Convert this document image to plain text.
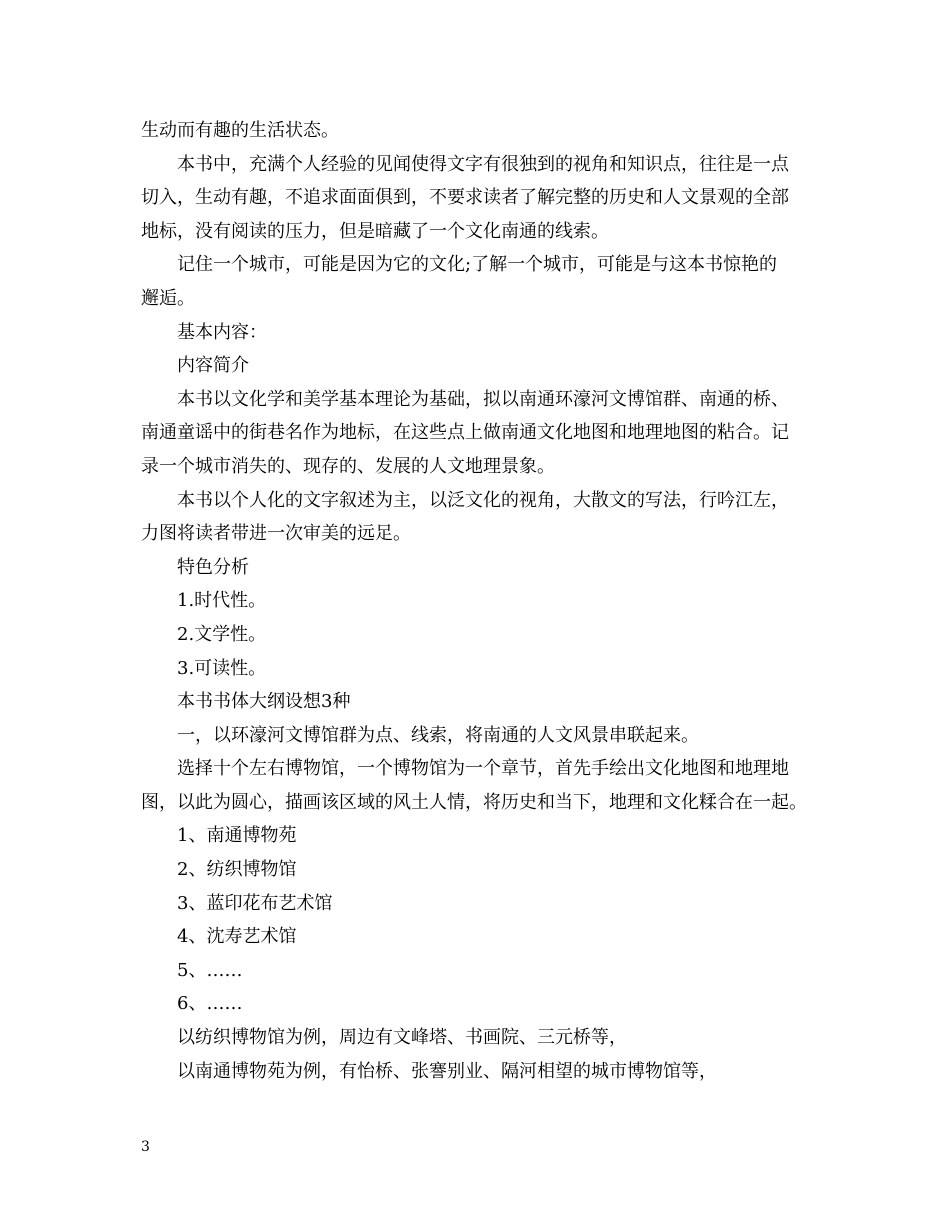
生动而有趣的生活状态。
本书中，充满个人经验的见闻使得文字有很独到的视角和知识点，往往是一点
切入，生动有趣，不追求面面俱到，不要求读者了解完整的历史和人文景观的全部
地标，没有阅读的压力，但是暗藏了一个文化南通的线索。
记住一个城市，可能是因为它的文化;了解一个城市，可能是与这本书惊艳的
邂逅。
基本内容：
内容简介
本书以文化学和美学基本理论为基础，拟以南通环濠河文博馆群、南通的桥、
南通童谣中的街巷名作为地标，在这些点上做南通文化地图和地理地图的粘合。记
录一个城市消失的、现存的、发展的人文地理景象。
本书以个人化的文字叙述为主，以泛文化的视角，大散文的写法，行吟江左，
力图将读者带进一次审美的远足。
特色分析
1.时代性。
2.文学性。
3.可读性。
本书书体大纲设想3种
一，以环濠河文博馆群为点、线索，将南通的人文风景串联起来。
选择十个左右博物馆，一个博物馆为一个章节，首先手绘出文化地图和地理地
图，以此为圆心，描画该区域的风土人情，将历史和当下，地理和文化糅合在一起。
1、南通博物苑
2、纺织博物馆
3、蓝印花布艺术馆
4、沈寿艺术馆
5、……
6、……
以纺织博物馆为例，周边有文峰塔、书画院、三元桥等，
以南通博物苑为例，有怡桥、张謇别业、隔河相望的城市博物馆等，
3
